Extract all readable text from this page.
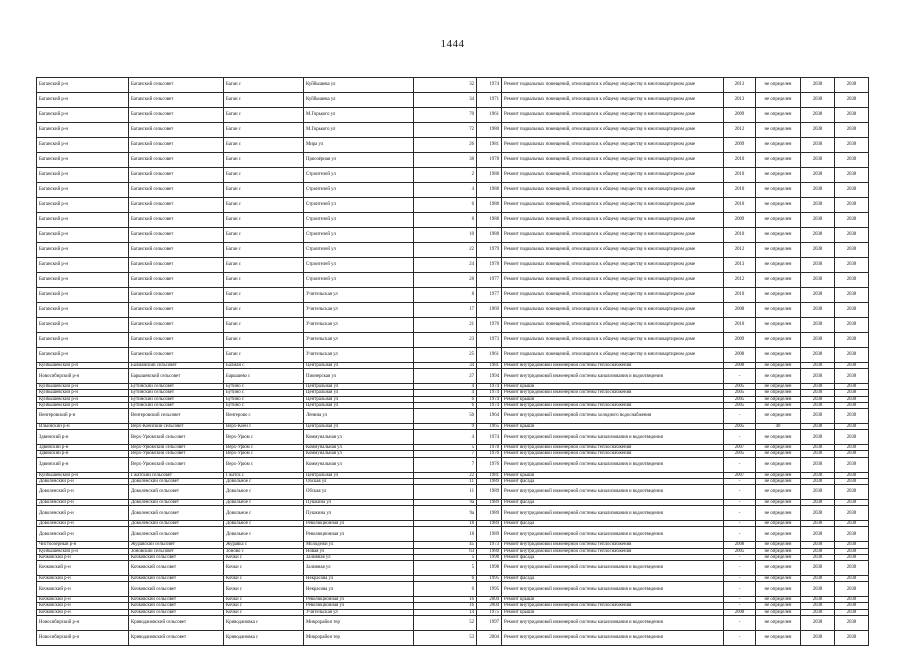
1444
Баганский р-н	Баганский сельсовет	Баган с	Куйбышева ул	32	1974	Ремонт подвальных помещений, относящихся к общему имуществу в многоквартирном доме	2013	не определен	2038	2038
Баганский р-н	Баганский сельсовет	Баган с	Куйбышева ул	34	1971	Ремонт подвальных помещений, относящихся к общему имуществу в многоквартирном доме	2013	не определен	2038	2038
Баганский р-н	Баганский сельсовет	Баган с	М.Горького ул	70	1961	Ремонт подвальных помещений, относящихся к общему имуществу в многоквартирном доме	2009	не определен	2038	2038
Баганский р-н	Баганский сельсовет	Баган с	М.Горького ул	72	1980	Ремонт подвальных помещений, относящихся к общему имуществу в многоквартирном доме	2012	не определен	2038	2038
Баганский р-н	Баганский сельсовет	Баган с	Мира ул	26	1981	Ремонт подвальных помещений, относящихся к общему имуществу в многоквартирном доме	2009	не определен	2038	2038
Баганский р-н	Баганский сельсовет	Баган с	Приозёрная ул	38	1978	Ремонт подвальных помещений, относящихся к общему имуществу в многоквартирном доме	2010	не определен	2038	2038
Баганский р-н	Баганский сельсовет	Баган с	Строителей ул	2	1988	Ремонт подвальных помещений, относящихся к общему имуществу в многоквартирном доме	2010	не определен	2038	2038
Баганский р-н	Баганский сельсовет	Баган с	Строителей ул	4	1988	Ремонт подвальных помещений, относящихся к общему имуществу в многоквартирном доме	2010	не определен	2038	2038
Баганский р-н	Баганский сельсовет	Баган с	Строителей ул	6	1988	Ремонт подвальных помещений, относящихся к общему имуществу в многоквартирном доме	2010	не определен	2038	2038
Баганский р-н	Баганский сельсовет	Баган с	Строителей ул	8	1988	Ремонт подвальных помещений, относящихся к общему имуществу в многоквартирном доме	2009	не определен	2038	2038
Баганский р-н	Баганский сельсовет	Баган с	Строителей ул	10	1988	Ремонт подвальных помещений, относящихся к общему имуществу в многоквартирном доме	2010	не определен	2038	2038
Баганский р-н	Баганский сельсовет	Баган с	Строителей ул	22	1979	Ремонт подвальных помещений, относящихся к общему имуществу в многоквартирном доме	2012	не определен	2038	2038
Баганский р-н	Баганский сельсовет	Баган с	Строителей ул	24	1978	Ремонт подвальных помещений, относящихся к общему имуществу в многоквартирном доме	2013	не определен	2038	2038
Баганский р-н	Баганский сельсовет	Баган с	Строителей ул	28	1977	Ремонт подвальных помещений, относящихся к общему имуществу в многоквартирном доме	2012	не определен	2038	2038
Баганский р-н	Баганский сельсовет	Баган с	Учительская ул	8	1977	Ремонт подвальных помещений, относящихся к общему имуществу в многоквартирном доме	2010	не определен	2038	2038
Баганский р-н	Баганский сельсовет	Баган с	Учительская ул	17	1969	Ремонт подвальных помещений, относящихся к общему имуществу в многоквартирном доме	2008	не определен	2038	2038
Баганский р-н	Баганский сельсовет	Баган с	Учительская ул	21	1970	Ремонт подвальных помещений, относящихся к общему имуществу в многоквартирном доме	2010	не определен	2038	2038
Баганский р-н	Баганский сельсовет	Баган с	Учительская ул	23	1973	Ремонт подвальных помещений, относящихся к общему имуществу в многоквартирном доме	2009	не определен	2038	2038
Баганский р-н	Баганский сельсовет	Баган с	Учительская ул	25	1961	Ремонт подвальных помещений, относящихся к общему имуществу в многоквартирном доме	2008	не определен	2038	2038
Куйбышевский р-н	Балманский сельсовет	Балман с	Центральная ул	34	1981	Ремонт внутридомовой инженерной системы теплоснабжения	2008	не определен	2038	2038
Новосибирский р-н	Барышевский сельсовет	Барышево с	Пионерская ул	27	1994	Ремонт внутридомовой инженерной системы канализования и водоотведения	-	не определен	2038	2038
Куйбышевский р-н	Бутинский сельсовет	Бутино с	Центральная ул	4	1974	Ремонт крыши	2005	не определен	2038	2038
Куйбышевский р-н	Бутинский сельсовет	Бутино с	Центральная ул	4	1974	Ремонт внутридомовой инженерной системы теплоснабжения	2005	не определен	2038	2038
Куйбышевский р-н	Бутинский сельсовет	Бутино с	Центральная ул	6	1974	Ремонт крыши	2005	не определен	2038	2038
Куйбышевский р-н	Бутинский сельсовет	Бутино с	Центральная ул	6	1974	Ремонт внутридомовой инженерной системы теплоснабжения	2005	не определен	2038	2038
Венгеровский р-н	Венгеровский сельсовет	Венгерово с	Ленина ул	50	1964	Ремонт внутридомовой инженерной системы холодного водоснабжения	-	не определен	2038	2038
Ильинский р-н	Верх-Коенский сельсовет	Верх-Коен с	Центральная ул	9	1965	Ремонт крыши	2005	40	2038	2038
Здвинский р-н	Верх-Урюмский сельсовет	Верх-Урюм с	Коммунальная ул	4	1974	Ремонт внутридомовой инженерной системы канализования и водоотведения	-	не определен	2038	2038
Здвинский р-н	Верх-Урюмский сельсовет	Верх-Урюм с	Коммунальная ул	5	1978	Ремонт внутридомовой инженерной системы теплоснабжения	2007	не определен	2038	2038
Здвинский р-н	Верх-Урюмский сельсовет	Верх-Урюм с	Коммунальная ул	7	1976	Ремонт внутридомовой инженерной системы теплоснабжения	2005	не определен	2038	2038
Здвинский р-н	Верх-Урюмский сельсовет	Верх-Урюм с	Коммунальная ул	7	1976	Ремонт внутридомовой инженерной системы канализования и водоотведения	-	не определен	2038	2038
Куйбышевский р-н	Гжатский сельсовет	Гжатск с	Центральная ул	22	1981	Ремонт крыши	2007	не определен	2038	2038
Доволенский р-н	Доволенский сельсовет	Довольное с	Обская ул	11	1989	Ремонт фасада	-	не определен	2038	2038
Доволенский р-н	Доволенский сельсовет	Довольное с	Обская ул	11	1989	Ремонт внутридомовой инженерной системы канализования и водоотведения	-	не определен	2038	2038
Доволенский р-н	Доволенский сельсовет	Довольное с	Пушкина ул	9а	1989	Ремонт фасада	-	не определен	2038	2038
Доволенский р-н	Доволенский сельсовет	Довольное с	Пушкина ул	9а	1989	Ремонт внутридомовой инженерной системы канализования и водоотведения	-	не определен	2038	2038
Доволенский р-н	Доволенский сельсовет	Довольное с	Революционная ул	18	1989	Ремонт фасада	-	не определен	2038	2038
Доволенский р-н	Доволенский сельсовет	Довольное с	Революционная ул	18	1989	Ремонт внутридомовой инженерной системы канализования и водоотведения	-	не определен	2038	2038
Чистоозерный р-н	Журавский сельсовет	Журавка с	Молодежи ул	45	1973	Ремонт внутридомовой инженерной системы теплоснабжения	2008	не определен	2038	2038
Куйбышевский р-н	Зоновский сельсовет	Зоново с	Новая ул	63	1980	Ремонт внутридомовой инженерной системы теплоснабжения	2005	не определен	2038	2038
Кочковский р-н	Кочковский сельсовет	Кочки с	Заливная ул	5	1998	Ремонт фасада	-	не определен	2038	2038
Кочковский р-н	Кочковский сельсовет	Кочки с	Заливная ул	5	1998	Ремонт внутридомовой инженерной системы канализования и водоотведения	-	не определен	2038	2038
Кочковский р-н	Кочковский сельсовет	Кочки с	Некрасова ул	6	1995	Ремонт фасада	-	не определен	2038	2038
Кочковский р-н	Кочковский сельсовет	Кочки с	Некрасова ул	6	1995	Ремонт внутридомовой инженерной системы канализования и водоотведения	-	не определен	2038	2038
Кочковский р-н	Кочковский сельсовет	Кочки с	Революционная ул	16	2004	Ремонт крыши	-	не определен	2038	2038
Кочковский р-н	Кочковский сельсовет	Кочки с	Революционная ул	16	2004	Ремонт внутридомовой инженерной системы теплоснабжения	-	не определен	2038	2038
Кочковский р-н	Кочковский сельсовет	Кочки с	Учительская ул	14	1975	Ремонт крыши	2008	не определен	2038	2038
Новосибирский р-н	Криводановский сельсовет	Криводановка с	Микрорайон тер	52	1997	Ремонт внутридомовой инженерной системы канализования и водоотведения	-	не определен	2038	2038
Новосибирский р-н	Криводановский сельсовет	Криводановка с	Микрорайон тер	53	2004	Ремонт внутридомовой инженерной системы канализования и водоотведения	-	не определен	2038	2038
